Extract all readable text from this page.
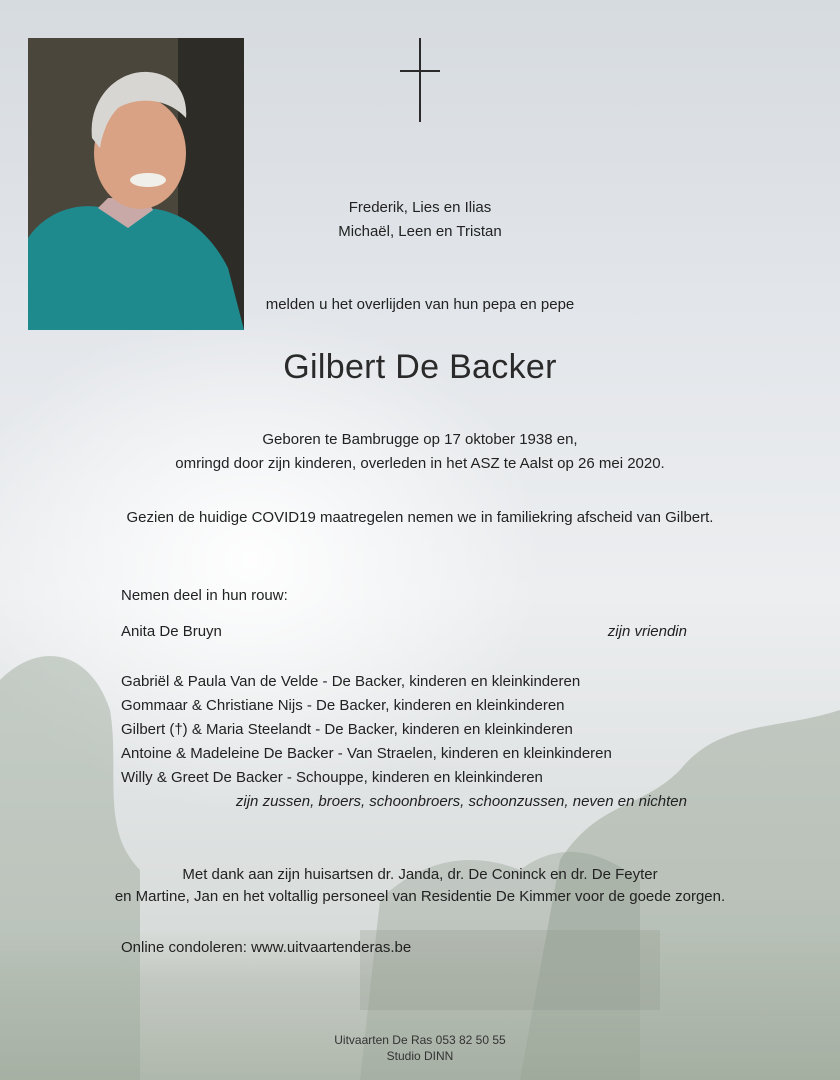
Frederik, Lies en Ilias
Michaël, Leen en Tristan
melden u het overlijden van hun pepa en pepe
Gilbert De Backer
Geboren te Bambrugge op 17 oktober 1938 en,
omringd door zijn kinderen, overleden in het ASZ te Aalst op 26 mei 2020.
Gezien de huidige COVID19 maatregelen nemen we in familiekring afscheid van Gilbert.
Nemen deel in hun rouw:
Anita De Bruyn	zijn vriendin
Gabriël & Paula Van de Velde - De Backer, kinderen en kleinkinderen
Gommaar & Christiane Nijs - De Backer, kinderen en kleinkinderen
Gilbert (†) & Maria Steelandt - De Backer, kinderen en kleinkinderen
Antoine & Madeleine De Backer - Van Straelen, kinderen en kleinkinderen
Willy & Greet De Backer - Schouppe, kinderen en kleinkinderen
zijn zussen, broers, schoonbroers, schoonzussen, neven en nichten
Met dank aan zijn huisartsen dr. Janda, dr. De Coninck en dr. De Feyter
en Martine, Jan en het voltallig personeel van Residentie De Kimmer voor de goede zorgen.
Online condoleren: www.uitvaartenderas.be
Uitvaarten De Ras 053 82 50 55
Studio DINN
